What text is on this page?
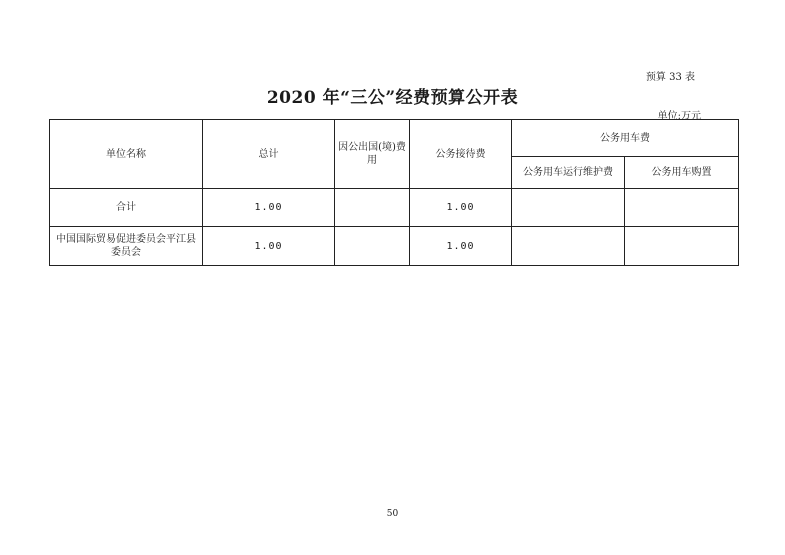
预算 33 表
2020 年“三公”经费预算公开表
单位:万元
单位名称	总计	因公出国(境)费用	公务接待费	公务用车费	
				公务用车运行维护费	公务用车购置
合计	1.00		1.00		
中国国际贸易促进委员会平江县委员会	1.00		1.00		
50
